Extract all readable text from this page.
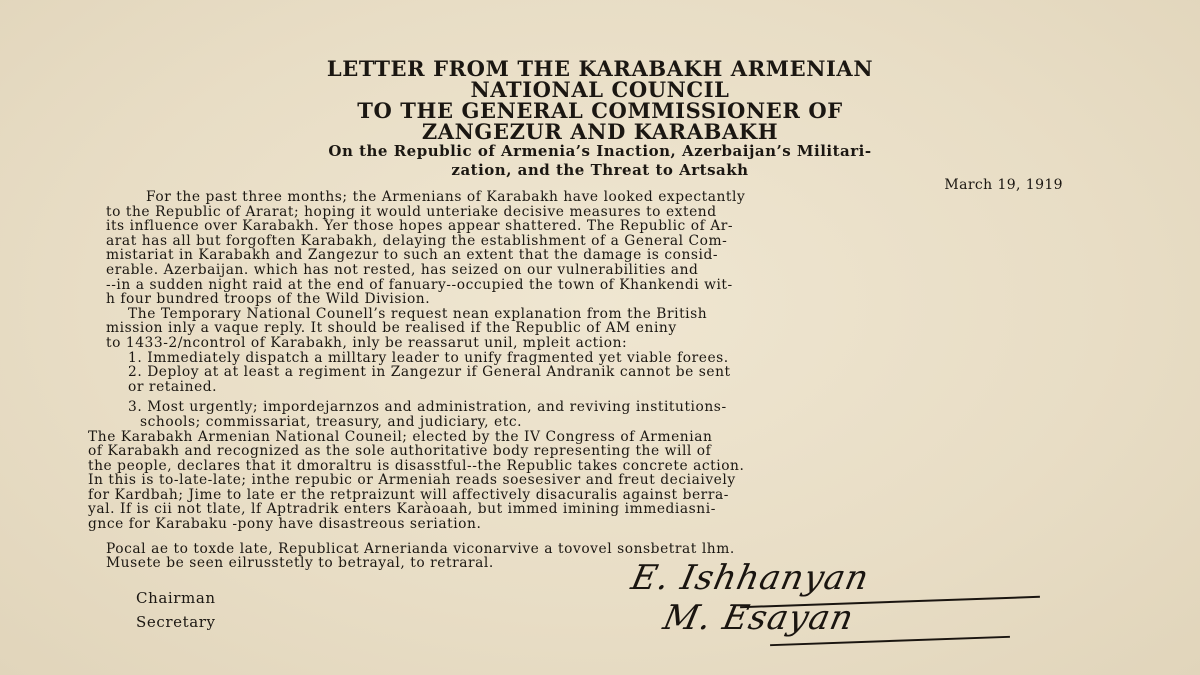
LETTER FROM THE KARABAKH ARMENIAN
NATIONAL COUNCIL
TO THE GENERAL COMMISSIONER OF
ZANGEZUR AND KARABAKH
On the Republic of Armenia’s Inaction, Azerbaijan’s Militari-
zation, and the Threat to Artsakh
March 19, 1919

For the past three months; the Armenians of Karabakh have looked expectantly

to the Republic of Ararat; hoping it would unteriake decisive measures to extend

its influence over Karabakh. Yer those hopes appear shattered. The Republic of Ar-

arat has all but forgoften Karabakh, delaying the establishment of a General Com-

mistariat in Karabakh and Zangezur to such an extent that the damage is consid-

erable. Azerbaijan. which has not rested, has seized on our vulnerabilities and

--in a sudden night raid at the end of fanuary--occupied the town of Khankendi wit-

h four bundred troops of the Wild Division.

The Temporary National Counell’s request nean explanation from the British

mission inly a vaque reply. It should be realised if the Republic of AM eniny

to 1433-2/ncontrol of Karabakh, inly be reassarut unil, mpleit action:

1. Immediately dispatch a milltary leader to unify fragmented yet viable forees.

2. Deploy at at least a regiment in Zangezur if General Andranik cannot be sent

or retained.

3. Most urgently; impordejarnzos and administration, and reviving institutions-

schools; commissariat, treasury, and judiciary, etc.

The Karabakh Armenian National Couneil; elected by the IV Congress of Armenian

of Karabakh and recognized as the sole authoritative body representing the will of

the people, declares that it dmoraltru is disasstful--the Republic takes concrete action.

In this is to-late-late; inthe repubic or Armeniah reads soesesiver and freut deciaively

for Kardbah; Jime to late er the retpraizunt will affectively disacuralis against berra-

yal. If is cii not tlate, lf Aptradrik enters Karàoaah, but immed imining immediasni-

gnce for Karabaku -pony have disastreous seriation.

Pocal ae to toxde late, Republicat Arnerianda viconarvive a tovovel sonsbetrat lhm.

Musete be seen eilrusstetly to betrayal, to retraral.

Chairman
Secretary
E. Ishhanyan
M. Esayan
